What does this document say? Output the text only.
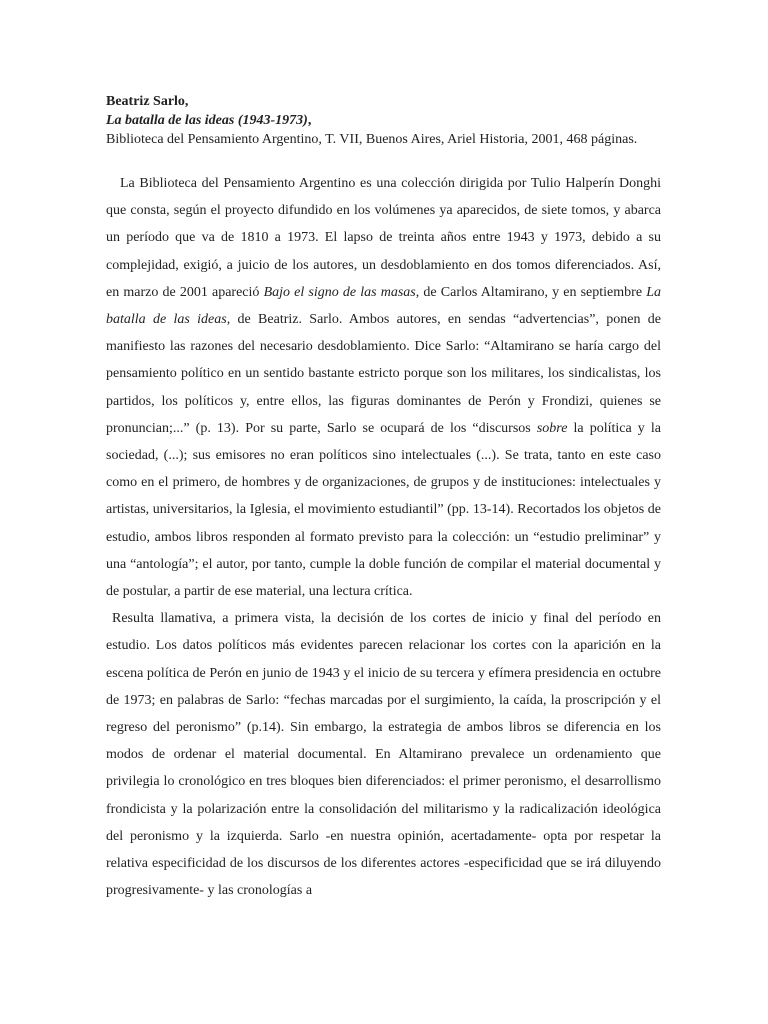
Beatriz Sarlo,

La batalla de las ideas (1943-1973),

Biblioteca del Pensamiento Argentino, T. VII, Buenos Aires, Ariel Historia, 2001, 468 páginas.

La Biblioteca del Pensamiento Argentino es una colección dirigida por Tulio Halperín Donghi que consta, según el proyecto difundido en los volúmenes ya aparecidos, de siete tomos, y abarca un período que va de 1810 a 1973. El lapso de treinta años entre 1943 y 1973, debido a su complejidad, exigió, a juicio de los autores, un desdoblamiento en dos tomos diferenciados. Así, en marzo de 2001 apareció Bajo el signo de las masas, de Carlos Altamirano, y en septiembre La batalla de las ideas, de Beatriz. Sarlo. Ambos autores, en sendas “advertencias”, ponen de manifiesto las razones del necesario desdoblamiento. Dice Sarlo: “Altamirano se haría cargo del pensamiento político en un sentido bastante estricto porque son los militares, los sindicalistas, los partidos, los políticos y, entre ellos, las figuras dominantes de Perón y Frondizi, quienes se pronuncian;...” (p. 13). Por su parte, Sarlo se ocupará de los “discursos sobre la política y la sociedad, (...); sus emisores no eran políticos sino intelectuales (...). Se trata, tanto en este caso como en el primero, de hombres y de organizaciones, de grupos y de instituciones: intelectuales y artistas, universitarios, la Iglesia, el movimiento estudiantil” (pp. 13-14). Recortados los objetos de estudio, ambos libros responden al formato previsto para la colección: un “estudio preliminar” y una “antología”; el autor, por tanto, cumple la doble función de compilar el material documental y de postular, a partir de ese material, una lectura crítica.

Resulta llamativa, a primera vista, la decisión de los cortes de inicio y final del período en estudio. Los datos políticos más evidentes parecen relacionar los cortes con la aparición en la escena política de Perón en junio de 1943 y el inicio de su tercera y efímera presidencia en octubre de 1973; en palabras de Sarlo: “fechas marcadas por el surgimiento, la caída, la proscripción y el regreso del peronismo” (p.14). Sin embargo, la estrategia de ambos libros se diferencia en los modos de ordenar el material documental. En Altamirano prevalece un ordenamiento que privilegia lo cronológico en tres bloques bien diferenciados: el primer peronismo, el desarrollismo frondicista y la polarización entre la consolidación del militarismo y la radicalización ideológica del peronismo y la izquierda. Sarlo -en nuestra opinión, acertadamente- opta por respetar la relativa especificidad de los discursos de los diferentes actores -especificidad que se irá diluyendo progresivamente- y las cronologías a
